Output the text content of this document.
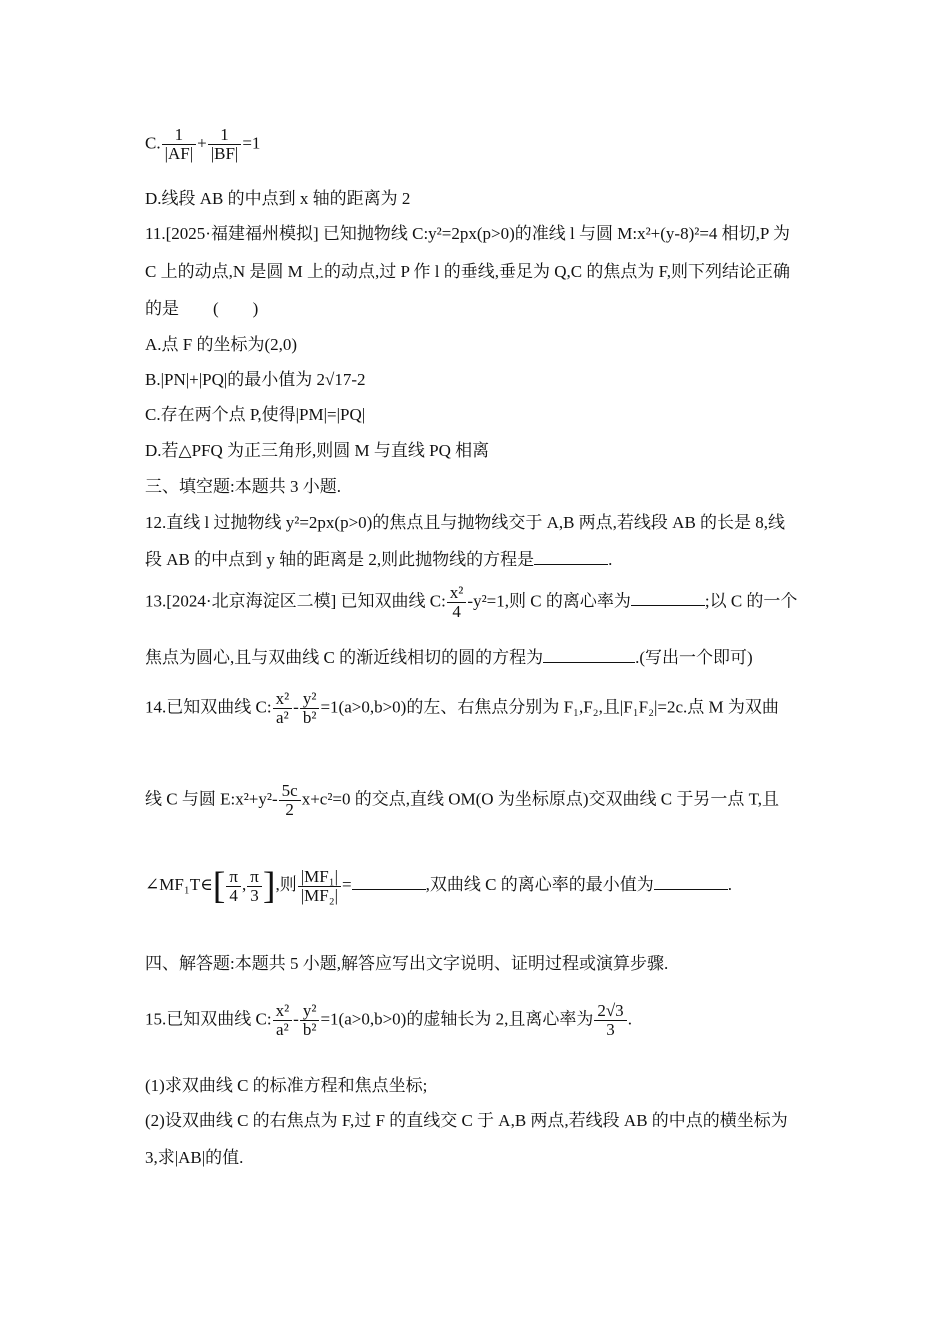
C. $\frac{1}{|AF|} + \frac{1}{|BF|} =1$
D.线段 AB 的中点到 x 轴的距离为 2
11.[2025·福建福州模拟] 已知抛物线 C:y²=2px(p>0)的准线 l 与圆 M:x²+(y-8)²=4 相切,P 为
C 上的动点,N 是圆 M 上的动点,过 P 作 l 的垂线,垂足为 Q,C 的焦点为 F,则下列结论正确
的是　　(　　)
A.点 F 的坐标为(2,0)
B.|PN|+|PQ|的最小值为 2√17-2
C.存在两个点 P,使得|PM|=|PQ|
D.若△PFQ 为正三角形,则圆 M 与直线 PQ 相离
三、填空题:本题共 3 小题.
12.直线 l 过抛物线 y²=2px(p>0)的焦点且与抛物线交于 A,B 两点,若线段 AB 的长是 8,线
段 AB 的中点到 y 轴的距离是 2,则此抛物线的方程是	.
13.[2024·北京海淀区二模] 已知双曲线 C: $\frac{\text{x²}}{4} -y^2=1$,则 C 的离心率为	;以 C 的一个
焦点为圆心,且与双曲线 C 的渐近线相切的圆的方程为	.(写出一个即可)
14.已知双曲线 C: $\frac{\text{x²}}{\text{a²}} - \frac{\text{y²}}{\text{b²}} =1(a>0,b>0)$的左、右焦点分别为 F₁,F₂,且|F₁F₂|=2c.点 M 为双曲
线 C 与圆 E:x²+y²- $\frac{5c}{2} x+c^2=0$ 的交点,直线 OM(O 为坐标原点)交双曲线 C 于另一点 T,且
∠MF₁T∈[ $\frac{\pi}{4}$ , $\frac{\pi}{3}$ ],则 $\frac{\text{|MF₁|}}{\text{|MF₂|}}$ =	,双曲线 C 的离心率的最小值为	.
四、解答题:本题共 5 小题,解答应写出文字说明、证明过程或演算步骤.
15.已知双曲线 C: $\frac{\text{x²}}{\text{a²}} - \frac{\text{y²}}{\text{b²}} =1(a>0,b>0)$的虚轴长为 2,且离心率为 $\frac{2√3}{3}$ .
(1)求双曲线 C 的标准方程和焦点坐标;
(2)设双曲线 C 的右焦点为 F,过 F 的直线交 C 于 A,B 两点,若线段 AB 的中点的横坐标为
3,求|AB|的值.
